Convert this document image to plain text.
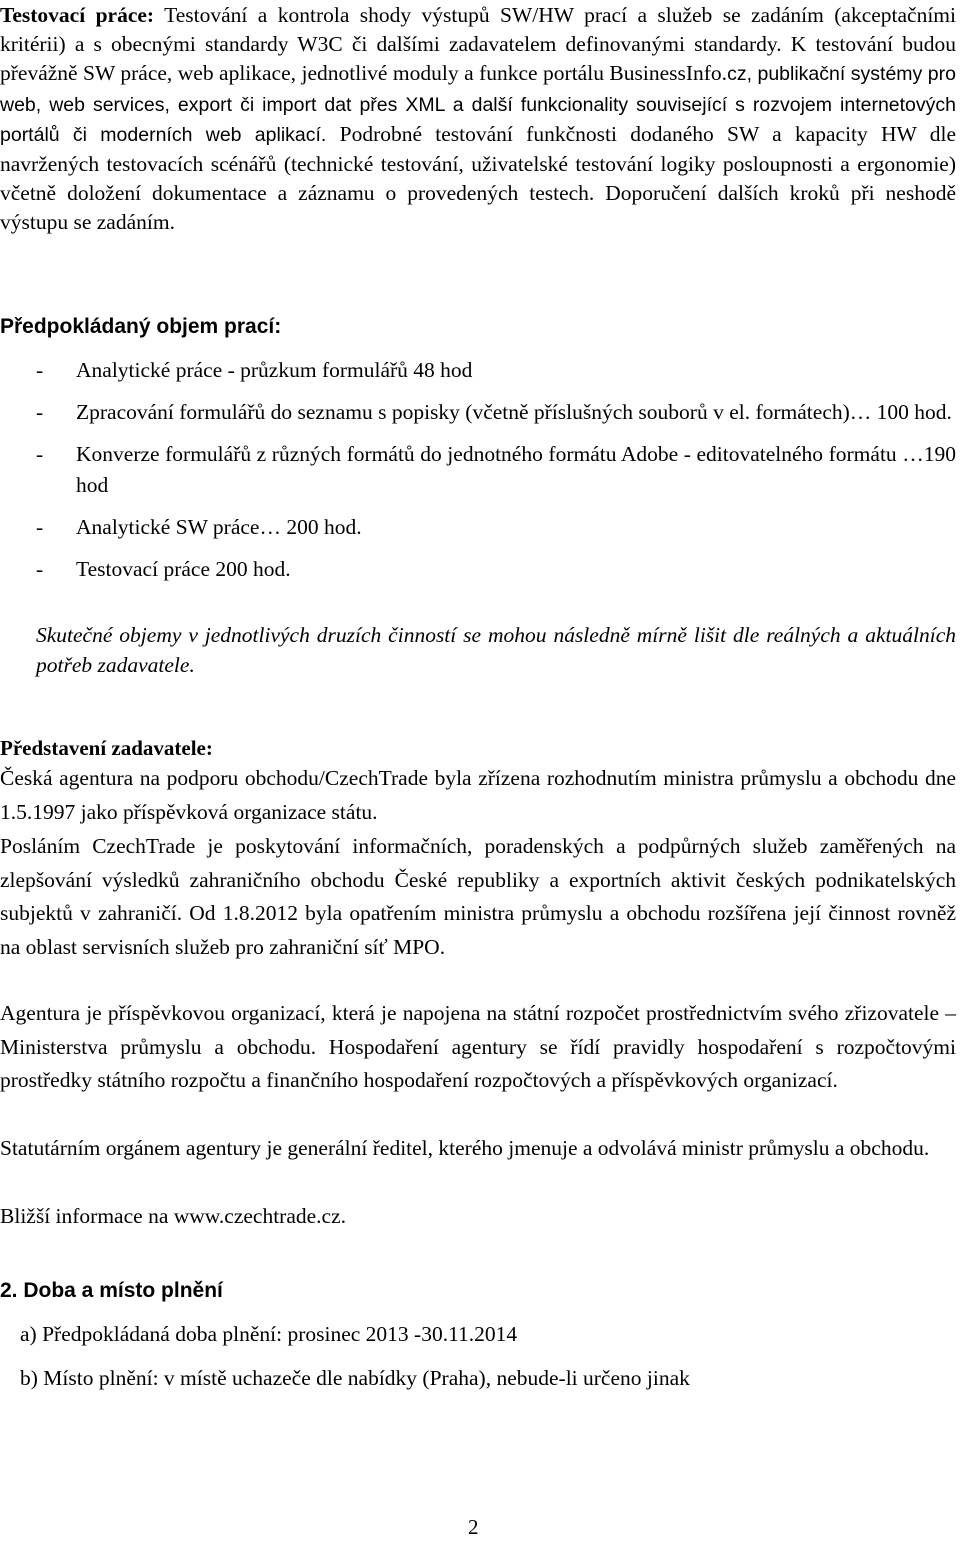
Testovací práce: Testování a kontrola shody výstupů SW/HW prací a služeb se zadáním (akceptačními kritérii) a s obecnými standardy W3C či dalšími zadavatelem definovanými standardy. K testování budou převážně SW práce, web aplikace, jednotlivé moduly a funkce portálu BusinessInfo.cz, publikační systémy pro web, web services, export či import dat přes XML a další funkcionality související s rozvojem internetových portálů či moderních web aplikací. Podrobné testování funkčnosti dodaného SW a kapacity HW dle navržených testovacích scénářů (technické testování, uživatelské testování logiky posloupnosti a ergonomie) včetně doložení dokumentace a záznamu o provedených testech. Doporučení dalších kroků při neshodě výstupu se zadáním.

Předpokládaný objem prací:
- Analytické práce - průzkum formulářů 48 hod
- Zpracování formulářů do seznamu s popisky (včetně příslušných souborů v el. formátech)… 100 hod.
- Konverze formulářů z různých formátů do jednotného formátu Adobe - editovatelného formátu …190 hod
- Analytické SW práce… 200 hod.
- Testovací práce 200 hod.

Skutečné objemy v jednotlivých druzích činností se mohou následně mírně lišit dle reálných a aktuálních potřeb zadavatele.

Představení zadavatele:

Česká agentura na podporu obchodu/CzechTrade byla zřízena rozhodnutím ministra průmyslu a obchodu dne 1.5.1997 jako příspěvková organizace státu.

Posláním CzechTrade je poskytování informačních, poradenských a podpůrných služeb zaměřených na zlepšování výsledků zahraničního obchodu České republiky a exportních aktivit českých podnikatelských subjektů v zahraničí. Od 1.8.2012 byla opatřením ministra průmyslu a obchodu rozšířena její činnost rovněž na oblast servisních služeb pro zahraniční síť MPO.

Agentura je příspěvkovou organizací, která je napojena na státní rozpočet prostřednictvím svého zřizovatele – Ministerstva průmyslu a obchodu. Hospodaření agentury se řídí pravidly hospodaření s rozpočtovými prostředky státního rozpočtu a finančního hospodaření rozpočtových a příspěvkových organizací.

Statutárním orgánem agentury je generální ředitel, kterého jmenuje a odvolává ministr průmyslu a obchodu.

Bližší informace na www.czechtrade.cz.

2. Doba a místo plnění

a) Předpokládaná doba plnění: prosinec 2013 -30.11.2014

b) Místo plnění: v místě uchazeče dle nabídky (Praha), nebude-li určeno jinak

2
